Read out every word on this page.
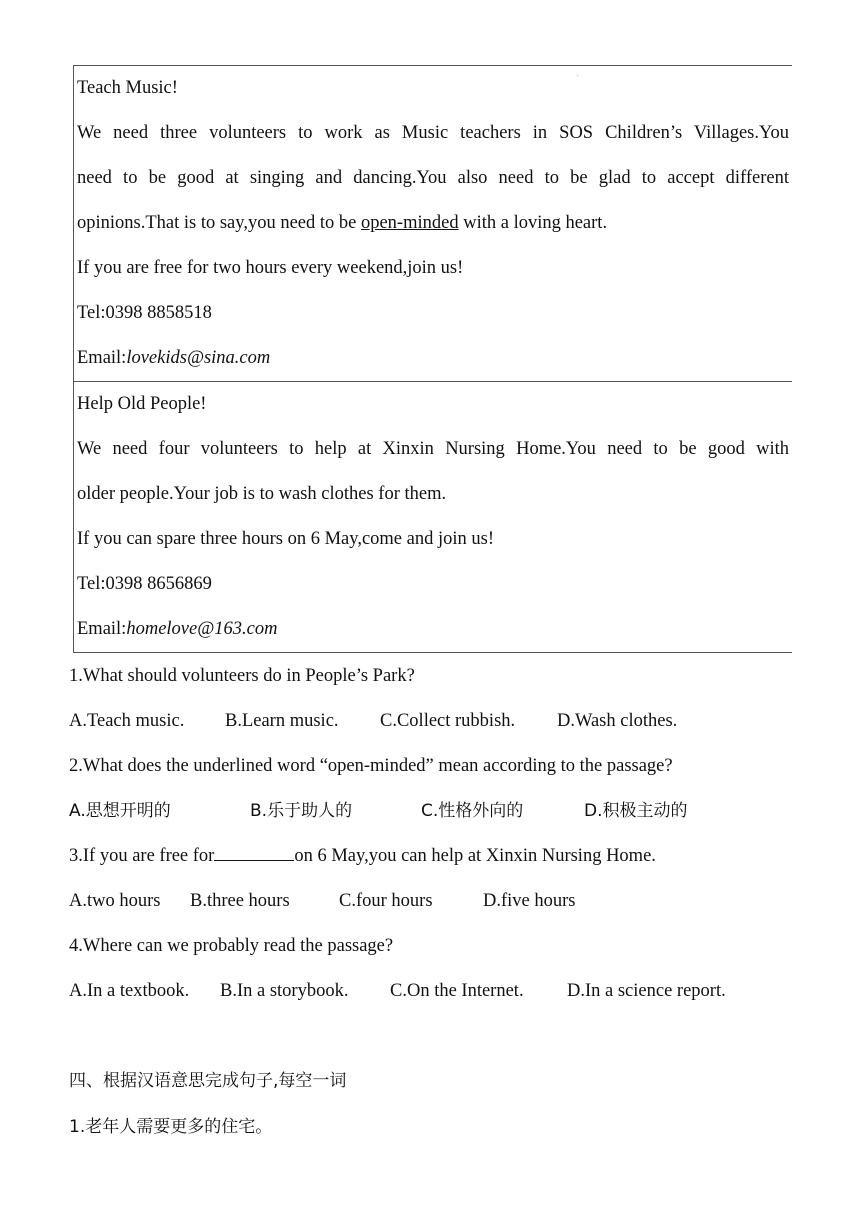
.
Teach Music!
We need three volunteers to work as Music teachers in SOS Children’s Villages.You
need to be good at singing and dancing.You also need to be glad to accept different
opinions.That is to say,you need to be open-minded with a loving heart.
If you are free for two hours every weekend,join us!
Tel:0398 8858518
Email:lovekids@sina.com
Help Old People!
We need four volunteers to help at Xinxin Nursing Home.You need to be good with
older people.Your job is to wash clothes for them.
If you can spare three hours on 6 May,come and join us!
Tel:0398 8656869
Email:homelove@163.com
1.What should volunteers do in People’s Park?
A.Teach music. B.Learn music. C.Collect rubbish. D.Wash clothes.
2.What does the underlined word “open-minded” mean according to the passage?
A.思想开明的	B.乐于助人的	C.性格外向的	D.积极主动的
3.If you are free for	on 6 May,you can help at Xinxin Nursing Home.
A.two hours B.three hours	C.four hours	D.five hours
4.Where can we probably read the passage?
A.In a textbook. B.In a storybook. C.On the Internet. D.In a science report.
四、根据汉语意思完成句子,每空一词
1.老年人需要更多的住宅。
